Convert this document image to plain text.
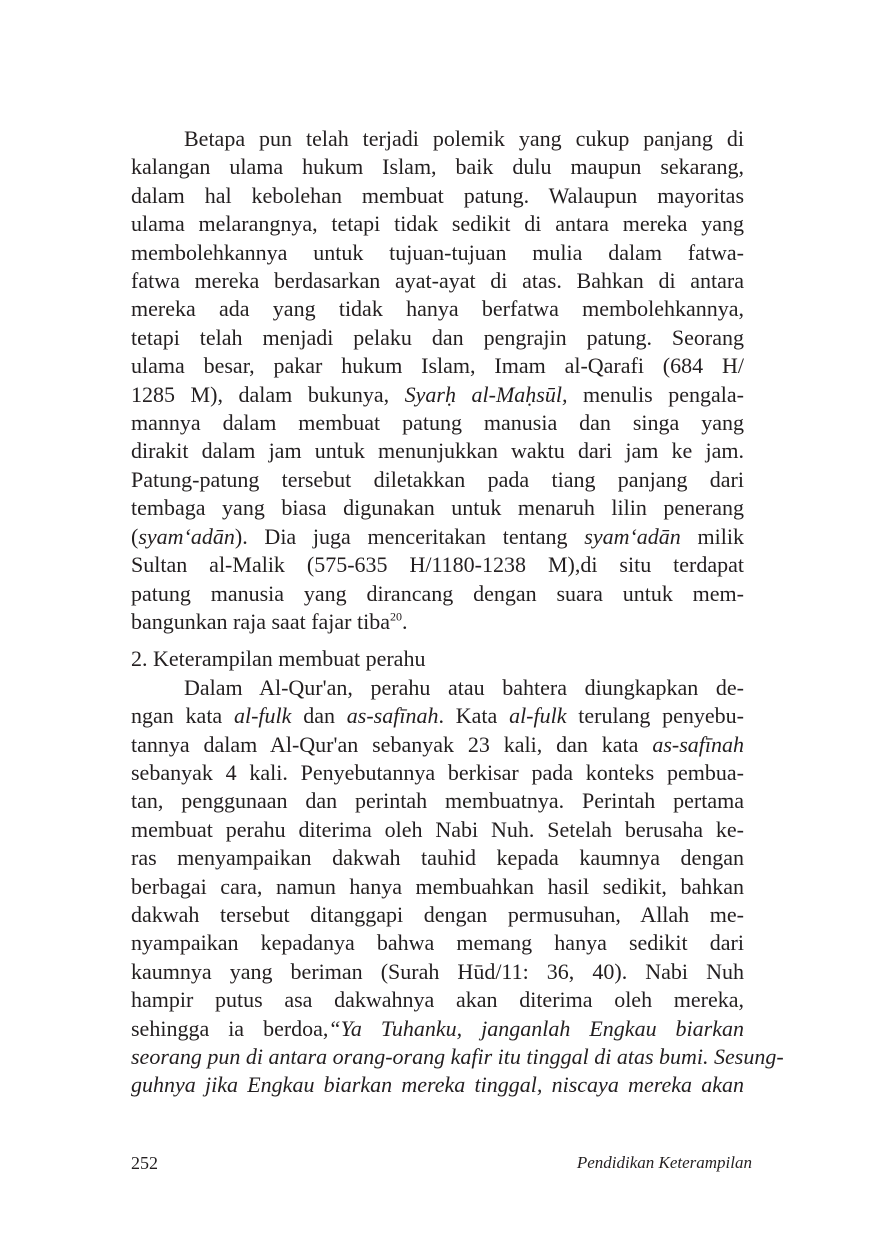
Betapa pun telah terjadi polemik yang cukup panjang di
kalangan ulama hukum Islam, baik dulu maupun sekarang,
dalam hal kebolehan membuat patung. Walaupun mayoritas
ulama melarangnya, tetapi tidak sedikit di antara mereka yang
membolehkannya untuk tujuan-tujuan mulia dalam fatwa-
fatwa mereka berdasarkan ayat-ayat di atas. Bahkan di antara
mereka ada yang tidak hanya berfatwa membolehkannya,
tetapi telah menjadi pelaku dan pengrajin patung. Seorang
ulama besar, pakar hukum Islam, Imam al-Qarafi (684 H/
1285 M), dalam bukunya, Syarḥ al-Maḥsūl, menulis pengala-
mannya dalam membuat patung manusia dan singa yang
dirakit dalam jam untuk menunjukkan waktu dari jam ke jam.
Patung-patung tersebut diletakkan pada tiang panjang dari
tembaga yang biasa digunakan untuk menaruh lilin penerang
(syam‘adān). Dia juga menceritakan tentang syam‘adān milik
Sultan al-Malik (575-635 H/1180-1238 M),di situ terdapat
patung manusia yang dirancang dengan suara untuk mem-
bangunkan raja saat fajar tiba$^{20}$.
2. Keterampilan membuat perahu
Dalam Al-Qur'an, perahu atau bahtera diungkapkan de-
ngan kata al-fulk dan as-safīnah. Kata al-fulk terulang penyebu-
tannya dalam Al-Qur'an sebanyak 23 kali, dan kata as-safīnah
sebanyak 4 kali. Penyebutannya berkisar pada konteks pembua-
tan, penggunaan dan perintah membuatnya. Perintah pertama
membuat perahu diterima oleh Nabi Nuh. Setelah berusaha ke-
ras menyampaikan dakwah tauhid kepada kaumnya dengan
berbagai cara, namun hanya membuahkan hasil sedikit, bahkan
dakwah tersebut ditanggapi dengan permusuhan, Allah me-
nyampaikan kepadanya bahwa memang hanya sedikit dari
kaumnya yang beriman (Surah Hūd/11: 36, 40). Nabi Nuh
hampir putus asa dakwahnya akan diterima oleh mereka,
sehingga ia berdoa,“Ya Tuhanku, janganlah Engkau biarkan
seorang pun di antara orang-orang kafir itu tinggal di atas bumi. Sesung-
guhnya jika Engkau biarkan mereka tinggal, niscaya mereka akan
252	Pendidikan Keterampilan
